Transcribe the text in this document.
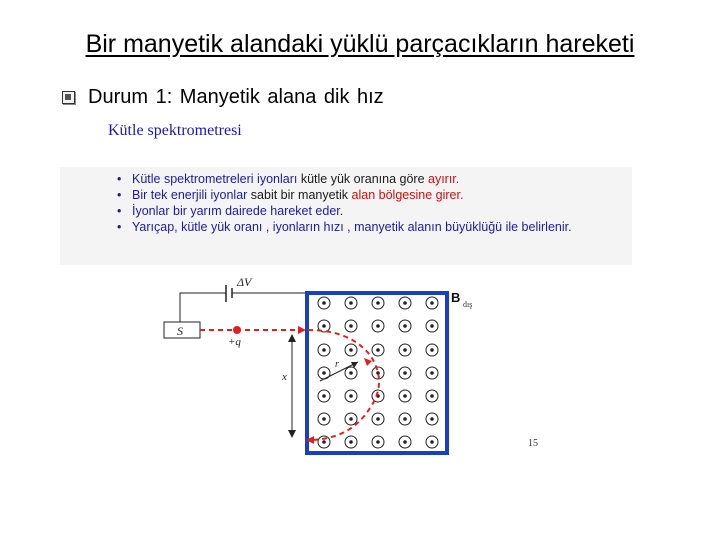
Bir manyetik alandaki yüklü parçacıkların hareketi
Durum 1: Manyetik alana dik hız
Kütle spektrometresi
• Kütle spektrometreleri iyonları kütle yük oranına göre ayırır.
• Bir tek enerjili iyonlar sabit bir manyetik alan bölgesine girer.
• İyonlar bir yarım dairede hareket eder.
• Yarıçap, kütle yük oranı , iyonların hızı , manyetik alanın büyüklüğü ile belirlenir.
ΔV
S
+q
r
x
B dış
15
